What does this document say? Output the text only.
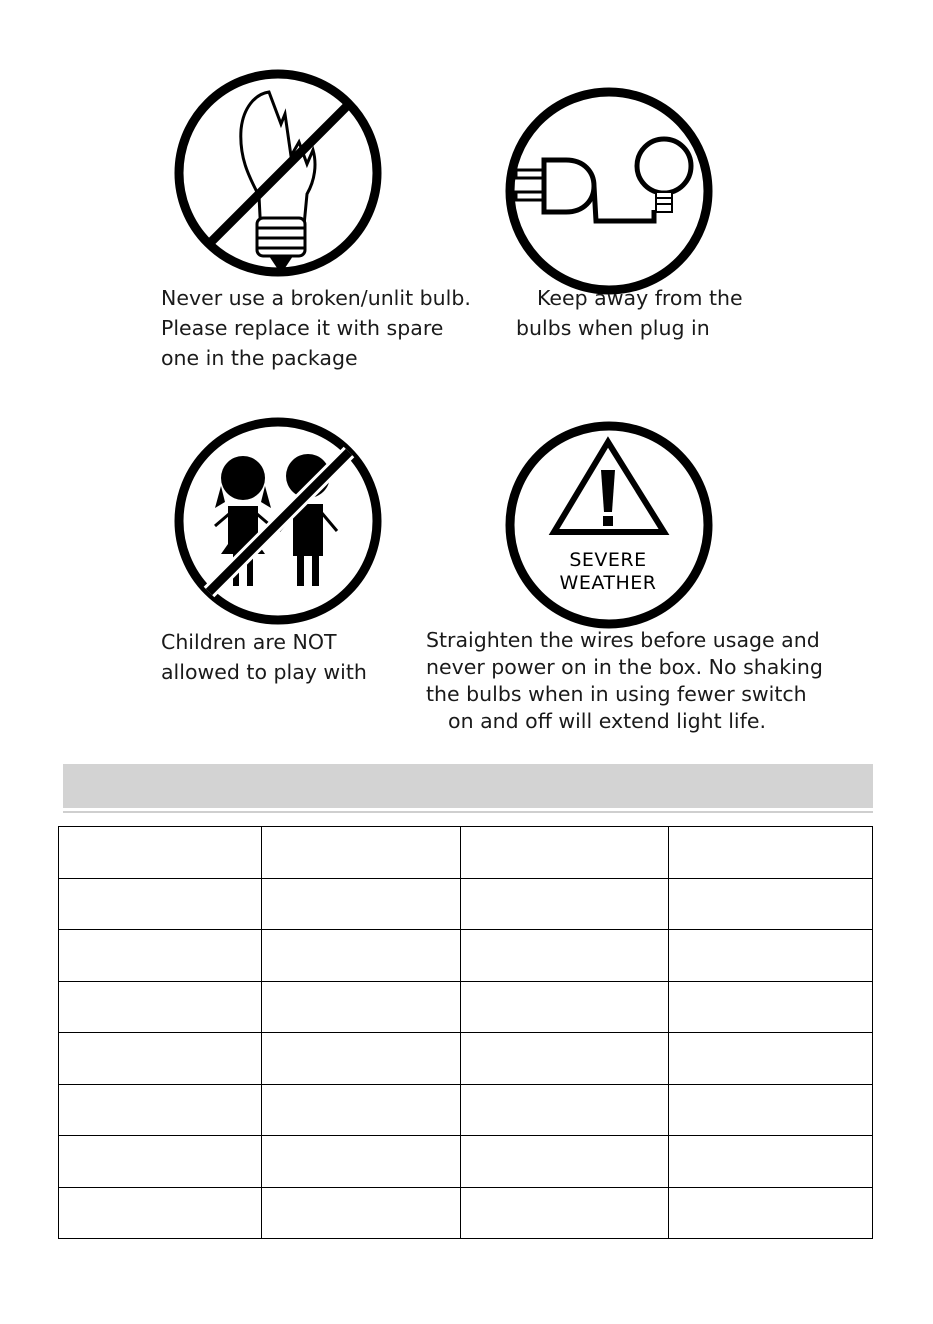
Never use a broken/unlit bulb.
Please replace it with spare
one in the package

Keep away from the
bulbs when plug in

Children are NOT
allowed to play with

SEVERE
WEATHER

Straighten the wires before usage and
never power on in the box. No shaking
the bulbs when in using fewer switch
on and off will extend light life.
